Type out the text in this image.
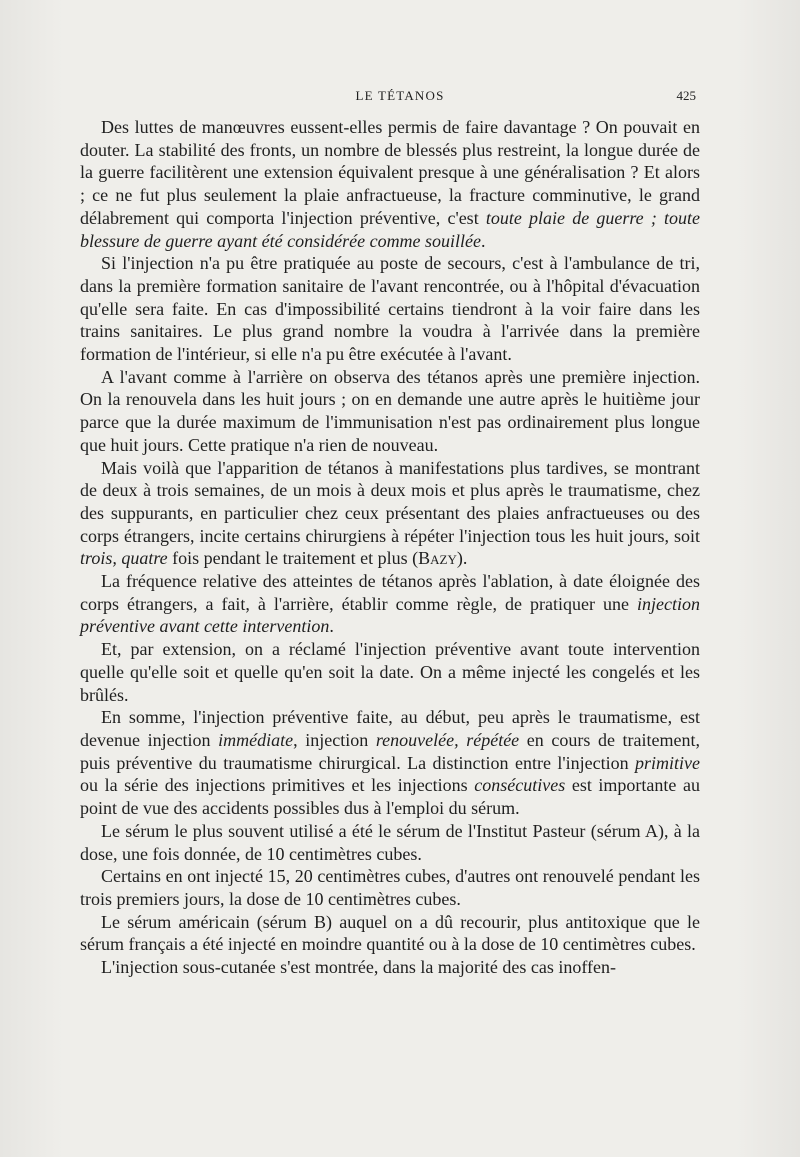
LE TÉTANOS	425

Des luttes de manœuvres eussent-elles permis de faire davantage ? On pouvait en douter. La stabilité des fronts, un nombre de blessés plus restreint, la longue durée de la guerre facilitèrent une extension équivalent presque à une généralisation ? Et alors ; ce ne fut plus seulement la plaie anfractueuse, la fracture comminutive, le grand délabrement qui comporta l'injection préventive, c'est toute plaie de guerre ; toute blessure de guerre ayant été considérée comme souillée.

Si l'injection n'a pu être pratiquée au poste de secours, c'est à l'ambulance de tri, dans la première formation sanitaire de l'avant rencontrée, ou à l'hôpital d'évacuation qu'elle sera faite. En cas d'impossibilité certains tiendront à la voir faire dans les trains sanitaires. Le plus grand nombre la voudra à l'arrivée dans la première formation de l'intérieur, si elle n'a pu être exécutée à l'avant.

A l'avant comme à l'arrière on observa des tétanos après une première injection. On la renouvela dans les huit jours ; on en demande une autre après le huitième jour parce que la durée maximum de l'immunisation n'est pas ordinairement plus longue que huit jours. Cette pratique n'a rien de nouveau.

Mais voilà que l'apparition de tétanos à manifestations plus tardives, se montrant de deux à trois semaines, de un mois à deux mois et plus après le traumatisme, chez des suppurants, en particulier chez ceux présentant des plaies anfractueuses ou des corps étrangers, incite certains chirurgiens à répéter l'injection tous les huit jours, soit trois, quatre fois pendant le traitement et plus (Bazy).

La fréquence relative des atteintes de tétanos après l'ablation, à date éloignée des corps étrangers, a fait, à l'arrière, établir comme règle, de pratiquer une injection préventive avant cette intervention.

Et, par extension, on a réclamé l'injection préventive avant toute intervention quelle qu'elle soit et quelle qu'en soit la date. On a même injecté les congelés et les brûlés.

En somme, l'injection préventive faite, au début, peu après le traumatisme, est devenue injection immédiate, injection renouvelée, répétée en cours de traitement, puis préventive du traumatisme chirurgical. La distinction entre l'injection primitive ou la série des injections primitives et les injections consécutives est importante au point de vue des accidents possibles dus à l'emploi du sérum.

Le sérum le plus souvent utilisé a été le sérum de l'Institut Pasteur (sérum A), à la dose, une fois donnée, de 10 centimètres cubes.

Certains en ont injecté 15, 20 centimètres cubes, d'autres ont renouvelé pendant les trois premiers jours, la dose de 10 centimètres cubes.

Le sérum américain (sérum B) auquel on a dû recourir, plus antitoxique que le sérum français a été injecté en moindre quantité ou à la dose de 10 centimètres cubes.

L'injection sous-cutanée s'est montrée, dans la majorité des cas inoffen-
